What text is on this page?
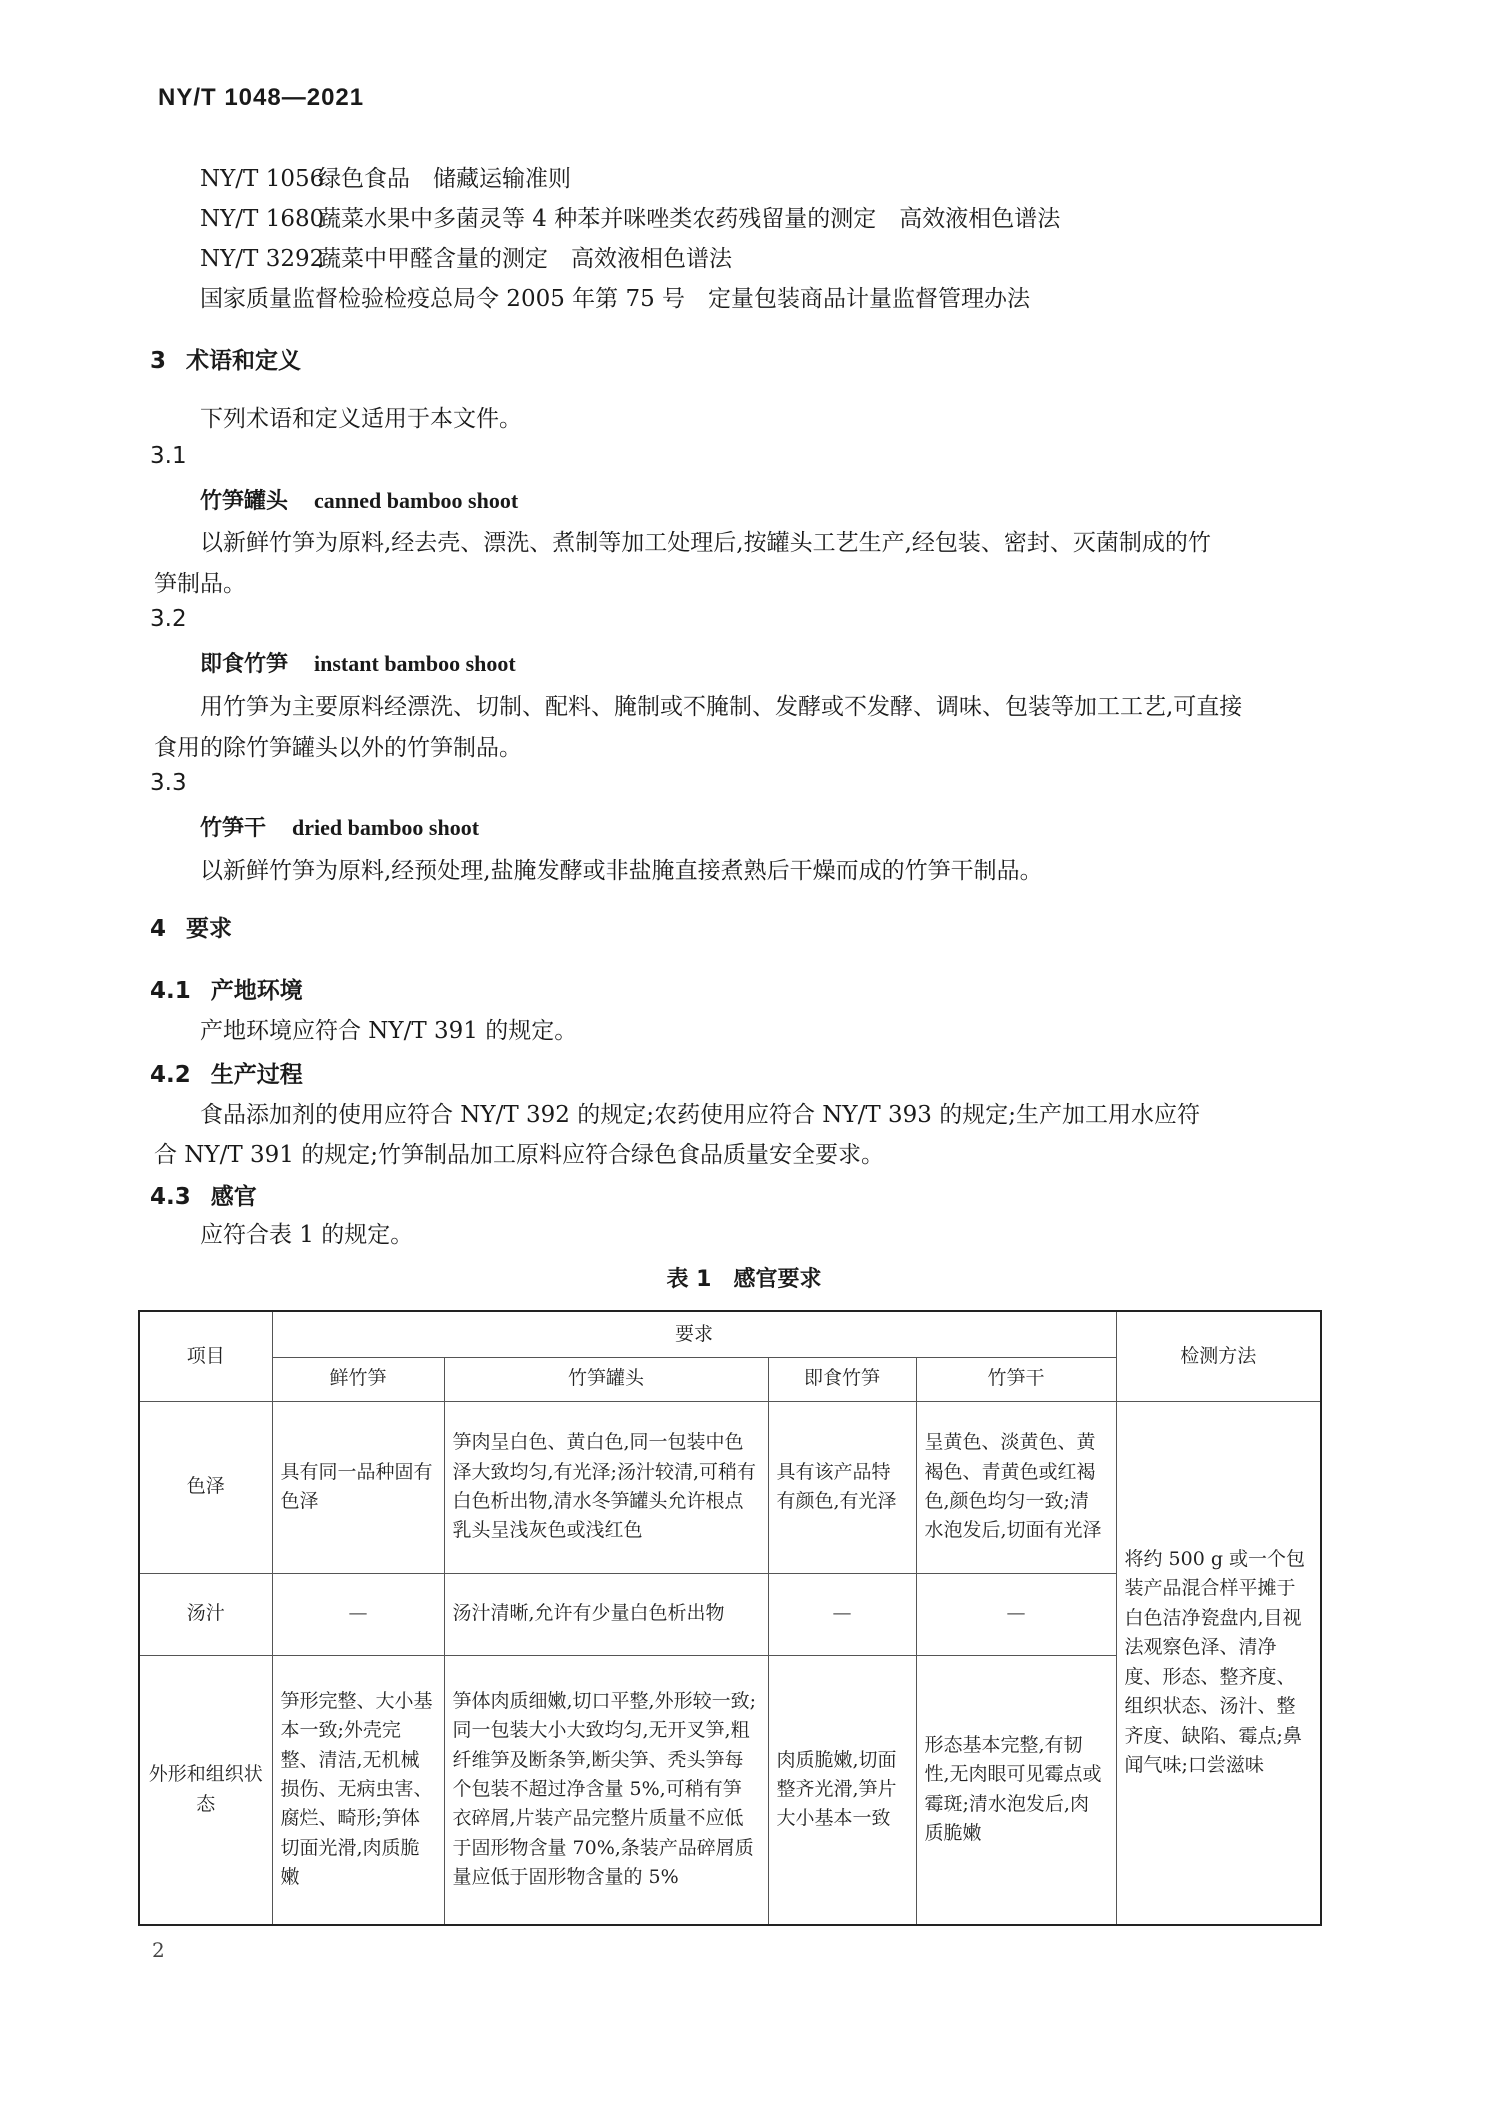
NY/T 1048—2021
NY/T 1056绿色食品　储藏运输准则
NY/T 1680蔬菜水果中多菌灵等 4 种苯并咪唑类农药残留量的测定　高效液相色谱法
NY/T 3292蔬菜中甲醛含量的测定　高效液相色谱法
国家质量监督检验检疫总局令 2005 年第 75 号　定量包装商品计量监督管理办法
3 术语和定义
下列术语和定义适用于本文件。
3.1
竹笋罐头 canned bamboo shoot
以新鲜竹笋为原料,经去壳、漂洗、煮制等加工处理后,按罐头工艺生产,经包装、密封、灭菌制成的竹
笋制品。
3.2
即食竹笋 instant bamboo shoot
用竹笋为主要原料经漂洗、切制、配料、腌制或不腌制、发酵或不发酵、调味、包装等加工工艺,可直接
食用的除竹笋罐头以外的竹笋制品。
3.3
竹笋干 dried bamboo shoot
以新鲜竹笋为原料,经预处理,盐腌发酵或非盐腌直接煮熟后干燥而成的竹笋干制品。
4 要求
4.1 产地环境
产地环境应符合 NY/T 391 的规定。
4.2 生产过程
食品添加剂的使用应符合 NY/T 392 的规定;农药使用应符合 NY/T 393 的规定;生产加工用水应符
合 NY/T 391 的规定;竹笋制品加工原料应符合绿色食品质量安全要求。
4.3 感官
应符合表 1 的规定。
表 1　感官要求
项目	要求				检测方法
	鲜竹笋	竹笋罐头	即食竹笋	竹笋干	
色泽	具有同一品种固有色泽	笋肉呈白色、黄白色,同一包装中色泽大致均匀,有光泽;汤汁较清,可稍有白色析出物,清水冬笋罐头允许根点乳头呈浅灰色或浅红色	具有该产品特有颜色,有光泽	呈黄色、淡黄色、黄褐色、青黄色或红褐色,颜色均匀一致;清水泡发后,切面有光泽	将约 500 g 或一个包装产品混合样平摊于白色洁净瓷盘内,目视法观察色泽、清净度、形态、整齐度、组织状态、汤汁、整齐度、缺陷、霉点;鼻闻气味;口尝滋味
汤汁	—	汤汁清晰,允许有少量白色析出物	—	—	
外形和组织状态	笋形完整、大小基本一致;外壳完整、清洁,无机械损伤、无病虫害、腐烂、畸形;笋体切面光滑,肉质脆嫩	笋体肉质细嫩,切口平整,外形较一致;同一包装大小大致均匀,无开叉笋,粗纤维笋及断条笋,断尖笋、秃头笋每个包装不超过净含量 5%,可稍有笋衣碎屑,片装产品完整片质量不应低于固形物含量 70%,条装产品碎屑质量应低于固形物含量的 5%	肉质脆嫩,切面整齐光滑,笋片大小基本一致	形态基本完整,有韧性,无肉眼可见霉点或霉斑;清水泡发后,肉质脆嫩	
2
